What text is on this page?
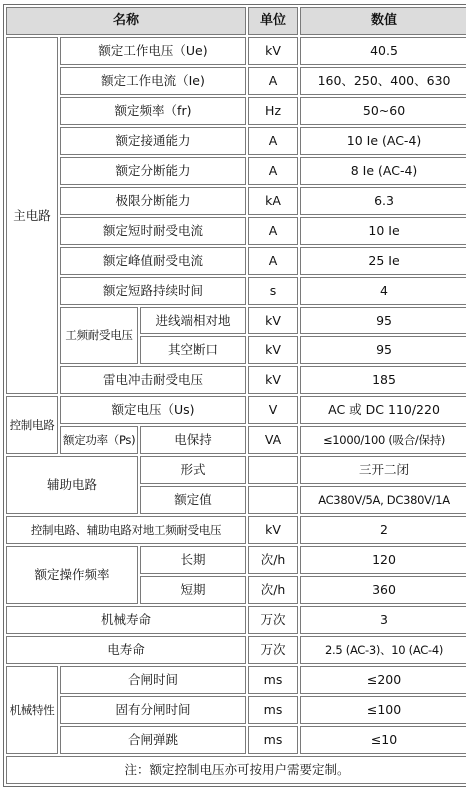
名称			单位	数值
主电路	额定工作电压（Ue)		kV	40.5
	额定工作电流（Ie)		A	160、250、400、630
	额定频率（fr)		Hz	50~60
	额定接通能力		A	10 Ie (AC-4)
	额定分断能力		A	8 Ie (AC-4)
	极限分断能力		kA	6.3
	额定短时耐受电流		A	10 Ie
	额定峰值耐受电流		A	25 Ie
	额定短路持续时间		s	4
	工频耐受电压	进线端相对地	kV	95
		其空断口	kV	95
	雷电冲击耐受电压		kV	185
控制电路	额定电压（Us)		V	AC 或 DC 110/220
	额定功率（Ps)	电保持	VA	≤1000/100 (吸合/保持)
辅助电路		形式		三开二闭
		额定值		AC380V/5A, DC380V/1A
控制电路、辅助电路对地工频耐受电压			kV	2
额定操作频率		长期	次/h	120
		短期	次/h	360
机械寿命			万次	3
电寿命			万次	2.5 (AC-3)、10 (AC-4)
机械特性	合闸时间		ms	≤200
	固有分闸时间		ms	≤100
	合闸弹跳		ms	≤10
注：额定控制电压亦可按用户需要定制。				
